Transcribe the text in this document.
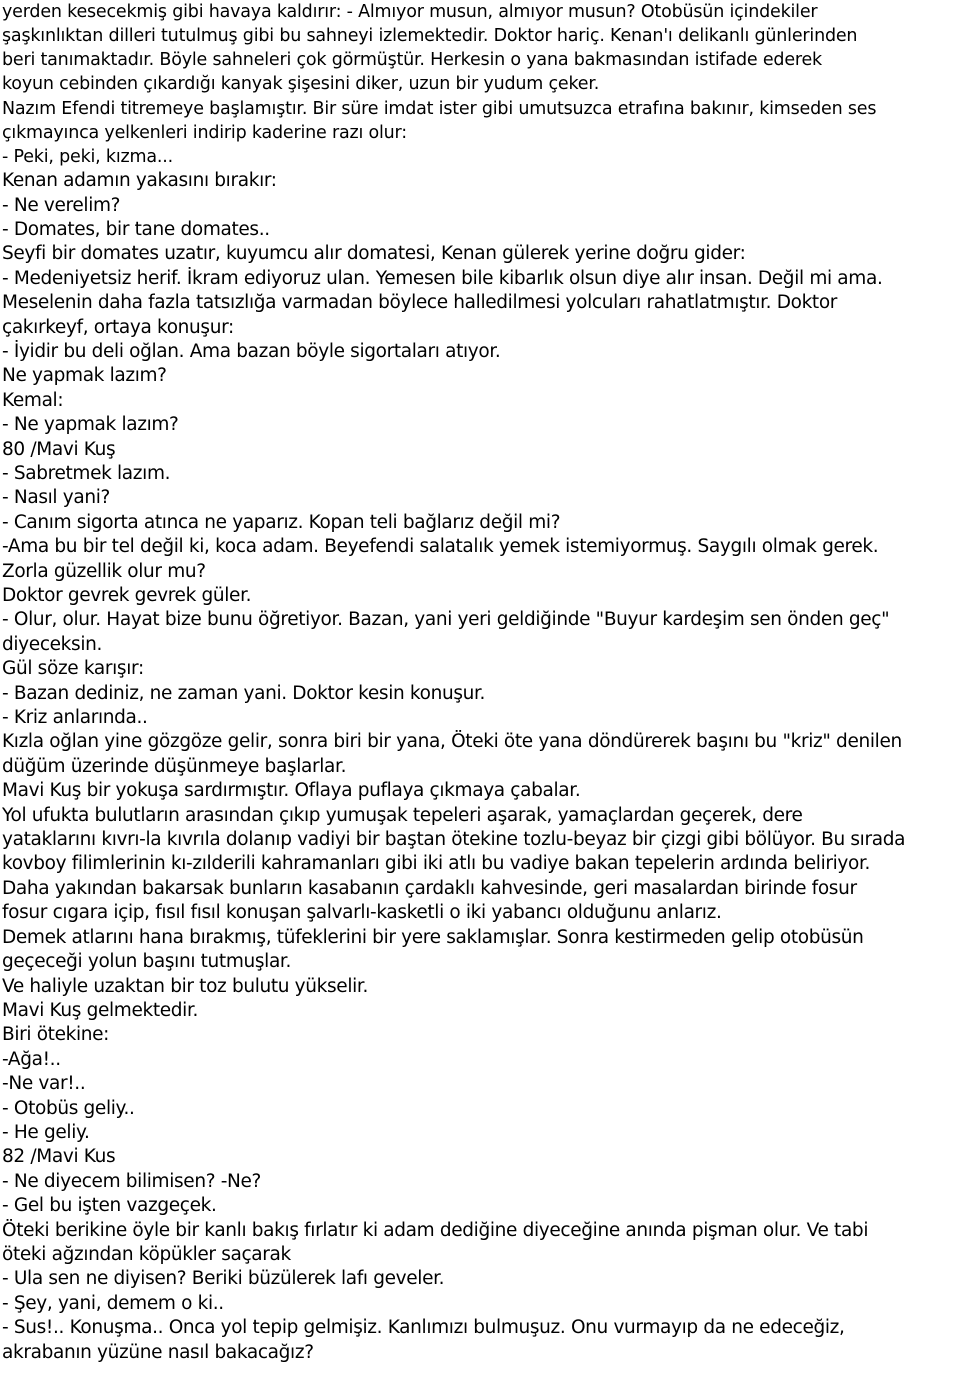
yerden kesecekmiş gibi havaya kaldırır: - Almıyor musun, almıyor musun? Otobüsün içindekiler
şaşkınlıktan dilleri tutulmuş gibi bu sahneyi izlemektedir. Doktor hariç. Kenan'ı delikanlı günlerinden
beri tanımaktadır. Böyle sahneleri çok görmüştür. Herkesin o yana bakmasından istifade ederek
koyun cebinden çıkardığı kanyak şişesini diker, uzun bir yudum çeker.
Nazım Efendi titremeye başlamıştır. Bir süre imdat ister gibi umutsuzca etrafına bakınır, kimseden ses
çıkmayınca yelkenleri indirip kaderine razı olur:
- Peki, peki, kızma...
Kenan adamın yakasını bırakır:
- Ne verelim?
- Domates, bir tane domates..
Seyfi bir domates uzatır, kuyumcu alır domatesi, Kenan gülerek yerine doğru gider:
- Medeniyetsiz herif. İkram ediyoruz ulan. Yemesen bile kibarlık olsun diye alır insan. Değil mi ama.
Meselenin daha fazla tatsızlığa varmadan böylece halledilmesi yolcuları rahatlatmıştır. Doktor
çakırkeyf, ortaya konuşur:
- İyidir bu deli oğlan. Ama bazan böyle sigortaları atıyor.
Ne yapmak lazım?
Kemal:
- Ne yapmak lazım?
80 /Mavi Kuş
- Sabretmek lazım.
- Nasıl yani?
- Canım sigorta atınca ne yaparız. Kopan teli bağlarız değil mi?
-Ama bu bir tel değil ki, koca adam. Beyefendi salatalık yemek istemiyormuş. Saygılı olmak gerek.
Zorla güzellik olur mu?
Doktor gevrek gevrek güler.
- Olur, olur. Hayat bize bunu öğretiyor. Bazan, yani yeri geldiğinde "Buyur kardeşim sen önden geç"
diyeceksin.
Gül söze karışır:
- Bazan dediniz, ne zaman yani. Doktor kesin konuşur.
- Kriz anlarında..
Kızla oğlan yine gözgöze gelir, sonra biri bir yana, Öteki öte yana döndürerek başını bu "kriz" denilen
düğüm üzerinde düşünmeye başlarlar.
Mavi Kuş bir yokuşa sardırmıştır. Oflaya puflaya çıkmaya çabalar.
Yol ufukta bulutların arasından çıkıp yumuşak tepeleri aşarak, yamaçlardan geçerek, dere
yataklarını kıvrı-la kıvrıla dolanıp vadiyi bir baştan ötekine tozlu-beyaz bir çizgi gibi bölüyor. Bu sırada
kovboy filimlerinin kı-zılderili kahramanları gibi iki atlı bu vadiye bakan tepelerin ardında beliriyor.
Daha yakından bakarsak bunların kasabanın çardaklı kahvesinde, geri masalardan birinde fosur
fosur cıgara içip, fısıl fısıl konuşan şalvarlı-kasketli o iki yabancı olduğunu anlarız.
Demek atlarını hana bırakmış, tüfeklerini bir yere saklamışlar. Sonra kestirmeden gelip otobüsün
geçeceği yolun başını tutmuşlar.
Ve haliyle uzaktan bir toz bulutu yükselir.
Mavi Kuş gelmektedir.
Biri ötekine:
-Ağa!..
-Ne var!..
- Otobüs geliy..
- He geliy.
82 /Mavi Kus
- Ne diyecem bilimisen? -Ne?
- Gel bu işten vazgeçek.
Öteki berikine öyle bir kanlı bakış fırlatır ki adam dediğine diyeceğine anında pişman olur. Ve tabi
öteki ağzından köpükler saçarak
- Ula sen ne diyisen? Beriki büzülerek lafı geveler.
- Şey, yani, demem o ki..
- Sus!.. Konuşma.. Onca yol tepip gelmişiz. Kanlımızı bulmuşuz. Onu vurmayıp da ne edeceğiz,
akrabanın yüzüne nasıl bakacağız?
